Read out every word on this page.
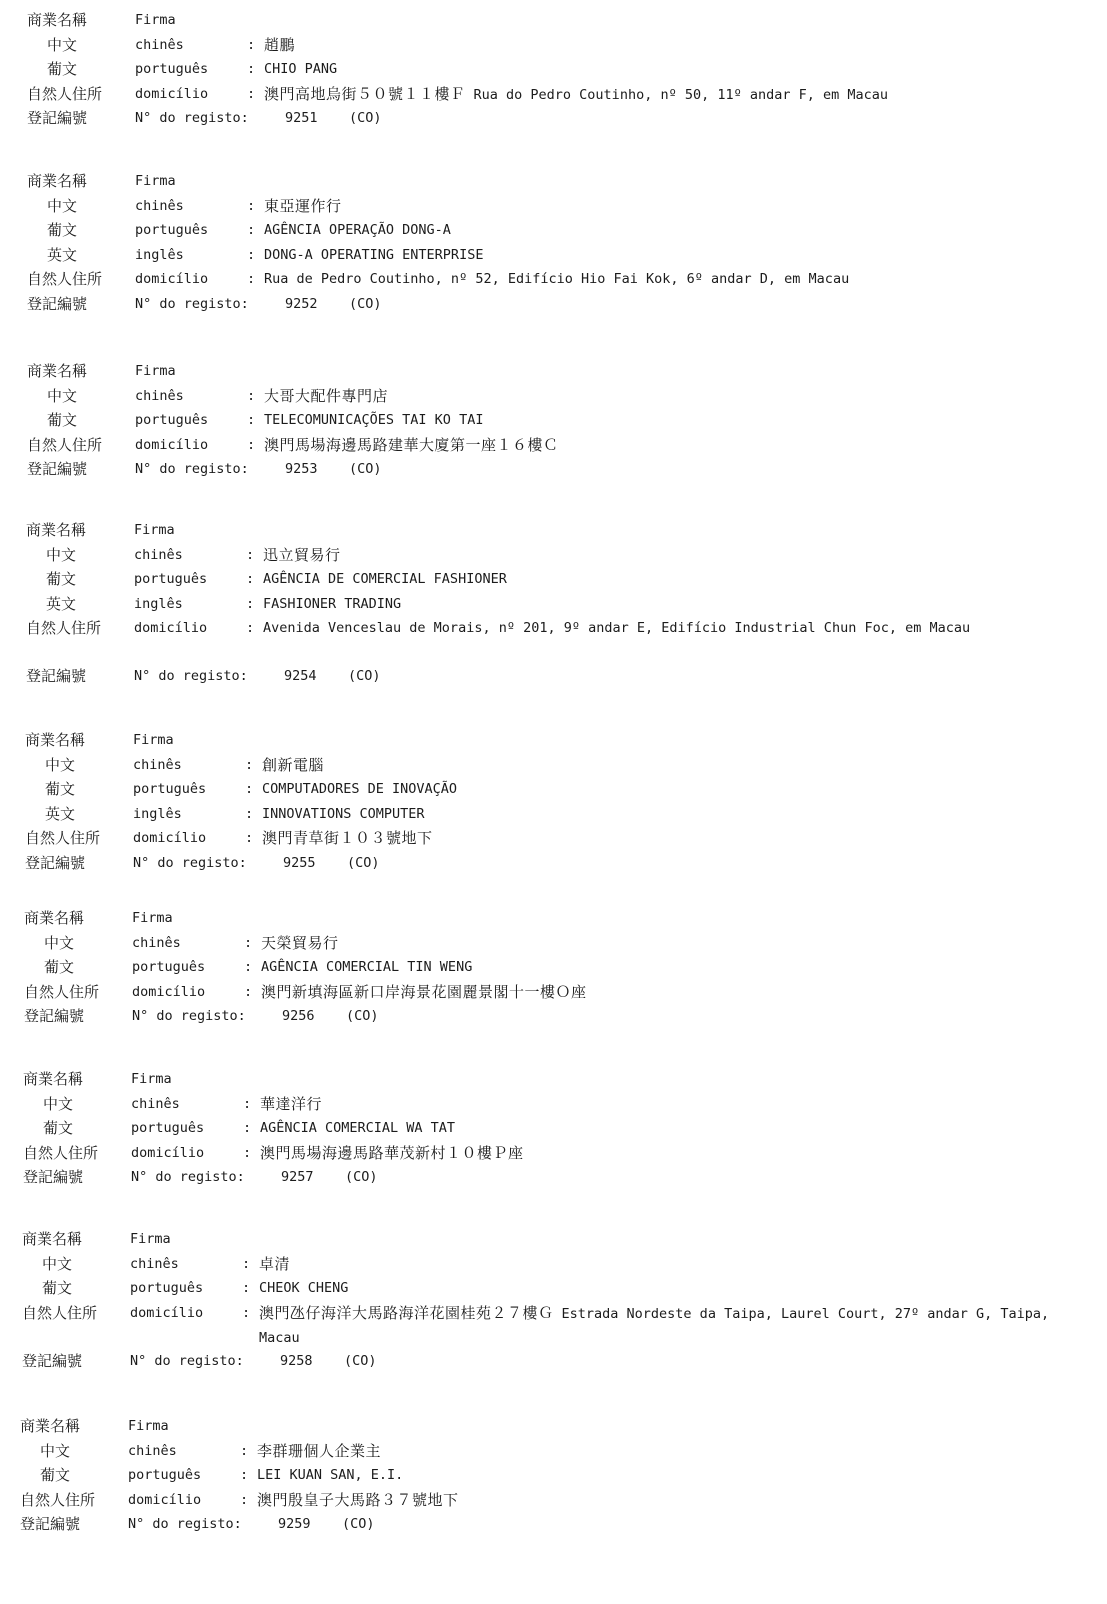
商業名稱	Firma
中文	chinês	: 趙鵬
葡文	português	: CHIO PANG
自然人住所 domicílio	: 澳門高地烏街５０號１１樓Ｆ Rua do Pedro Coutinho, nº 50, 11º andar F, em Macau
登記編號	N° do registo:	9251 (CO)
商業名稱	Firma
中文	chinês	: 東亞運作行
葡文	português	: AGÊNCIA OPERAÇÃO DONG-A
英文	inglês	: DONG-A OPERATING ENTERPRISE
自然人住所 domicílio	: Rua de Pedro Coutinho, nº 52, Edifício Hio Fai Kok, 6º andar D, em Macau
登記編號	N° do registo:	9252 (CO)
商業名稱	Firma
中文	chinês	: 大哥大配件專門店
葡文	português	: TELECOMUNICAÇÕES TAI KO TAI
自然人住所 domicílio	: 澳門馬場海邊馬路建華大廈第一座１６樓Ｃ
登記編號	N° do registo:	9253 (CO)
商業名稱	Firma
中文	chinês	: 迅立貿易行
葡文	português	: AGÊNCIA DE COMERCIAL FASHIONER
英文	inglês	: FASHIONER TRADING
自然人住所 domicílio	: Avenida Venceslau de Morais, nº 201, 9º andar E, Edifício Industrial Chun Foc, em Macau
登記編號	N° do registo:	9254 (CO)
商業名稱	Firma
中文	chinês	: 創新電腦
葡文	português	: COMPUTADORES DE INOVAÇÃO
英文	inglês	: INNOVATIONS COMPUTER
自然人住所 domicílio	: 澳門青草街１０３號地下
登記編號	N° do registo:	9255 (CO)
商業名稱	Firma
中文	chinês	: 天榮貿易行
葡文	português	: AGÊNCIA COMERCIAL TIN WENG
自然人住所 domicílio	: 澳門新填海區新口岸海景花園麗景閣十一樓Ｏ座
登記編號	N° do registo:	9256 (CO)
商業名稱	Firma
中文	chinês	: 華達洋行
葡文	português	: AGÊNCIA COMERCIAL WA TAT
自然人住所 domicílio	: 澳門馬場海邊馬路華茂新村１０樓Ｐ座
登記編號	N° do registo:	9257 (CO)
商業名稱	Firma
中文	chinês	: 卓清
葡文	português	: CHEOK CHENG
自然人住所 domicílio	: 澳門氹仔海洋大馬路海洋花園桂苑２７樓Ｇ Estrada Nordeste da Taipa, Laurel Court, 27º andar G, Taipa, Macau
登記編號	N° do registo:	9258 (CO)
商業名稱	Firma
中文	chinês	: 李群珊個人企業主
葡文	português	: LEI KUAN SAN, E.I.
自然人住所 domicílio	: 澳門殷皇子大馬路３７號地下
登記編號	N° do registo:	9259 (CO)
